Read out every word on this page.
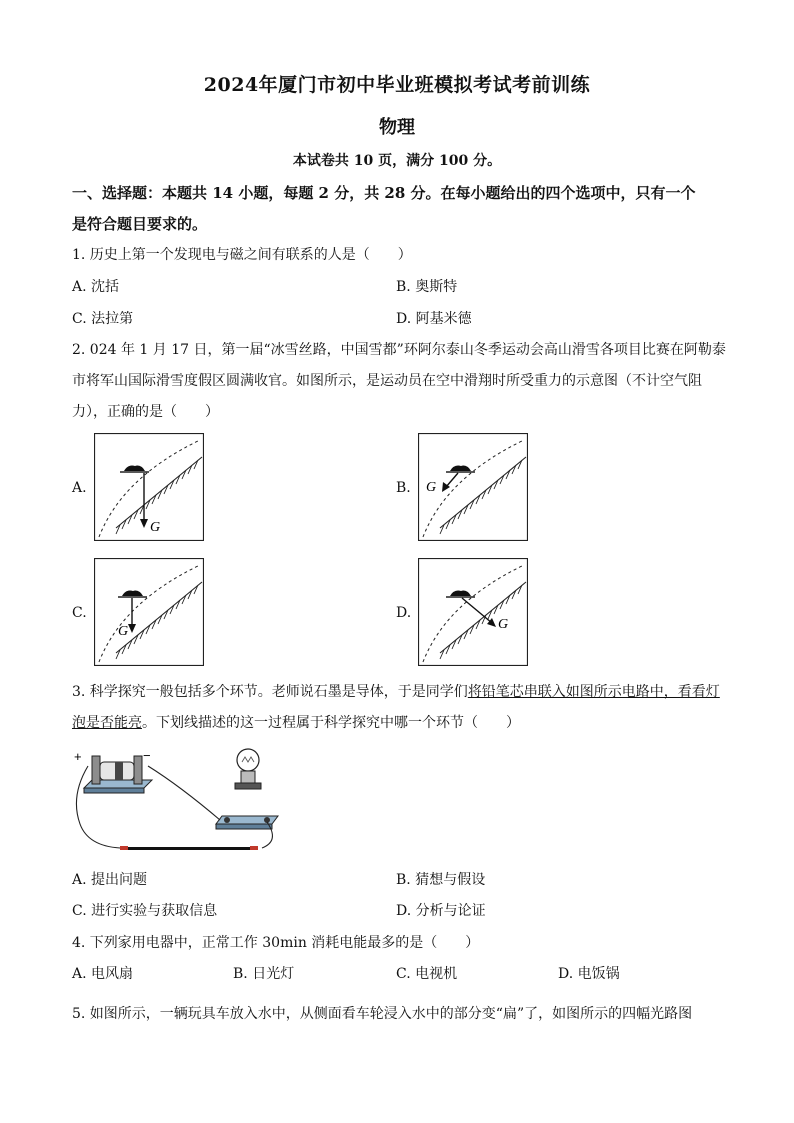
2024年厦门市初中毕业班模拟考试考前训练
物理
本试卷共 10 页，满分 100 分。
一、选择题：本题共 14 小题，每题 2 分，共 28 分。在每小题给出的四个选项中，只有一个
是符合题目要求的。
1. 历史上第一个发现电与磁之间有联系的人是（　　）
A. 沈括	B. 奥斯特
C. 法拉第	D. 阿基米德
2. 024 年 1 月 17 日，第一届“冰雪丝路，中国雪都”环阿尔泰山冬季运动会高山滑雪各项目比赛在阿勒泰
市将军山国际滑雪度假区圆满收官。如图所示，是运动员在空中滑翔时所受重力的示意图（不计空气阻
力），正确的是（　　）
A.	B.
C.	D.
G
G
G	G
3. 科学探究一般包括多个环节。老师说石墨是导体，于是同学们将铅笔芯串联入如图所示电路中，看看灯
泡是否能亮。下划线描述的这一过程属于科学探究中哪一个环节（　　）
+	−
A. 提出问题	B. 猜想与假设
C. 进行实验与获取信息	D. 分析与论证
4. 下列家用电器中，正常工作 30min 消耗电能最多的是（　　）
A. 电风扇	B. 日光灯	C. 电视机	D. 电饭锅
5. 如图所示，一辆玩具车放入水中，从侧面看车轮浸入水中的部分变“扁”了，如图所示的四幅光路图
